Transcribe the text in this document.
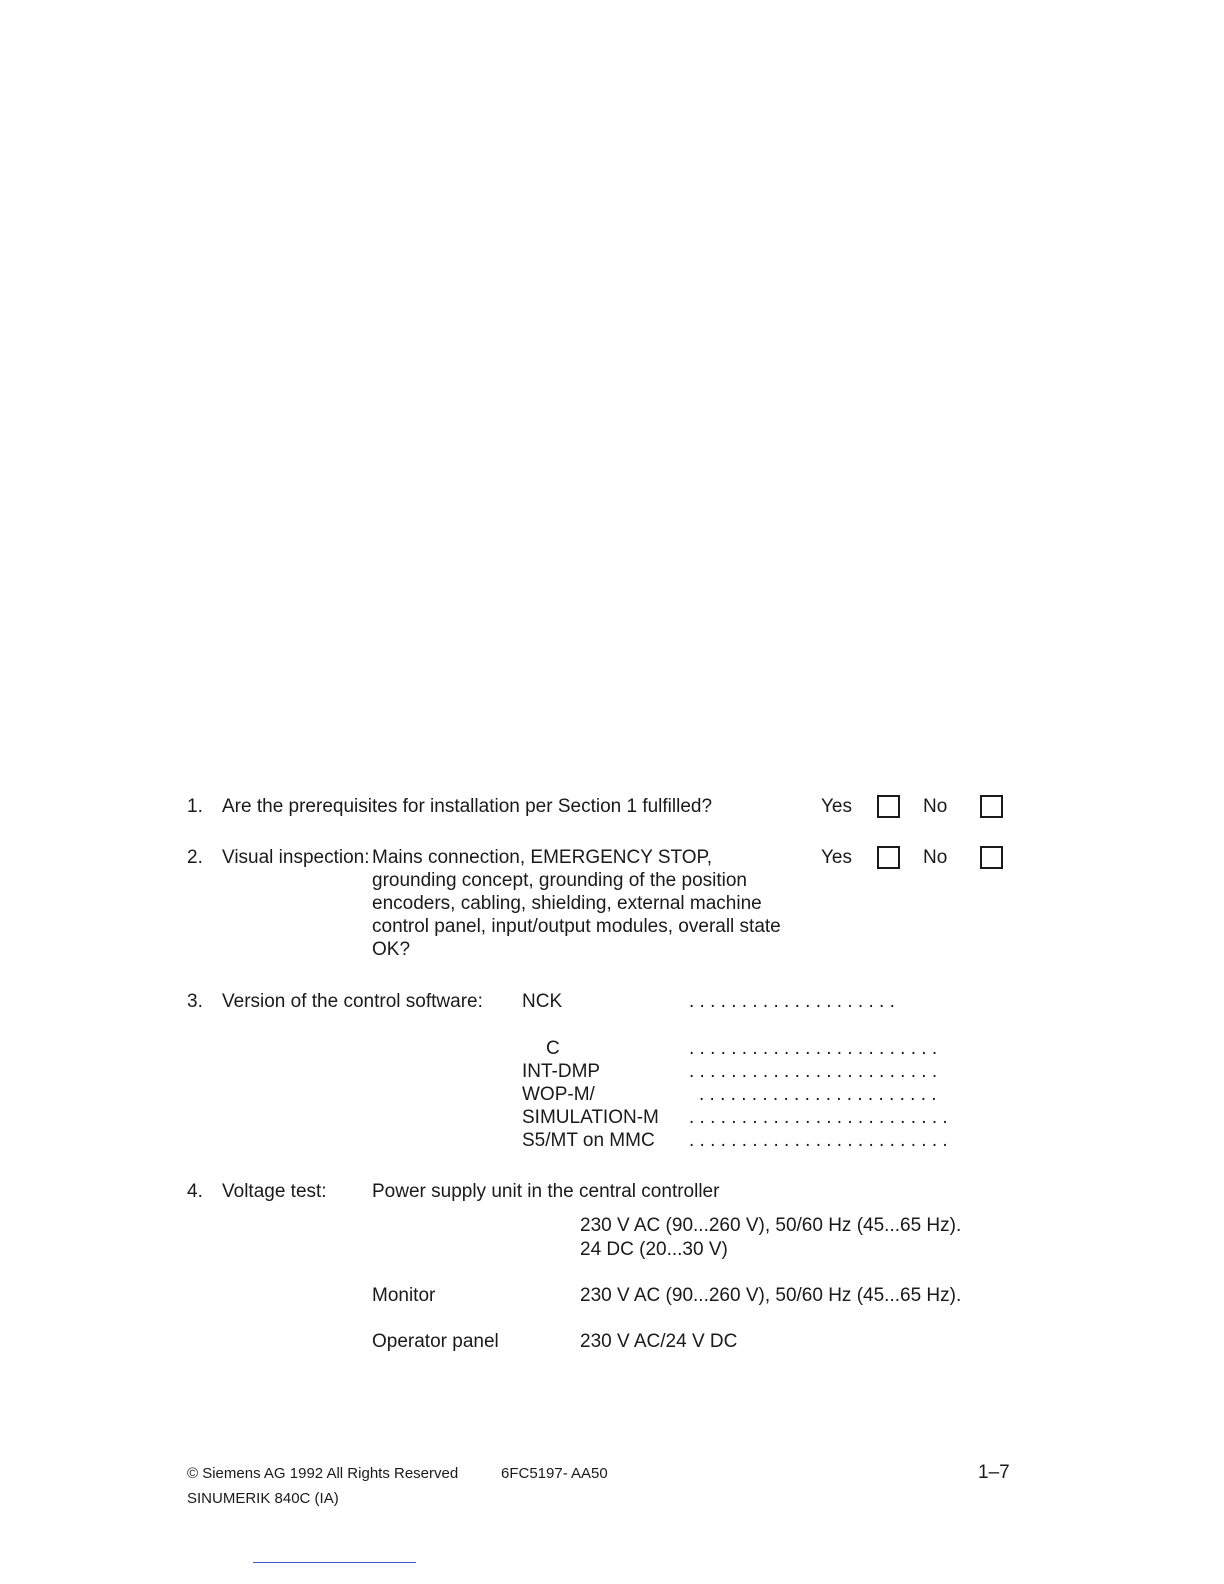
1. Are the prerequisites for installation per Section 1 fulfilled?	Yes	No
2. Visual inspection: Mains connection, EMERGENCY STOP,
grounding concept, grounding of the position
encoders, cabling, shielding, external machine
control panel, input/output modules, overall state
OK?
Yes	No
3. Version of the control software: NCK	. . . . . . . . . . . . . . . . . . . .
C	. . . . . . . . . . . . . . . . . . . . . . . .
INT-DMP	. . . . . . . . . . . . . . . . . . . . . . . .
WOP-M/	. . . . . . . . . . . . . . . . . . . . . . .
SIMULATION-M . . . . . . . . . . . . . . . . . . . . . . . . .
S5/MT on MMC . . . . . . . . . . . . . . . . . . . . . . . . .
4. Voltage test: Power supply unit in the central controller
230 V AC (90...260 V), 50/60 Hz (45...65 Hz).
24 DC (20...30 V)
Monitor	230 V AC (90...260 V), 50/60 Hz (45...65 Hz).
Operator panel	230 V AC/24 V DC
© Siemens AG 1992 All Rights Reserved	6FC5197- AA50	1–7
SINUMERIK 840C (IA)
